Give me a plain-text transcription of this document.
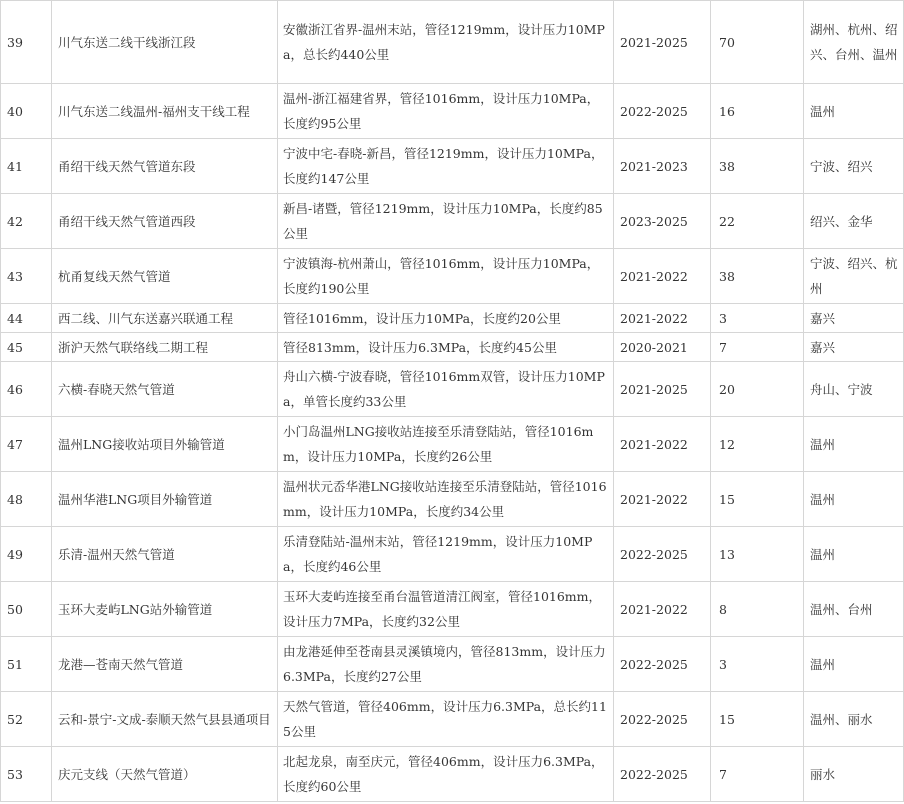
39	川气东送二线干线浙江段	安徽浙江省界-温州末站，管径1219mm，设计压力10MPa，总长约440公里	2021-2025	70	湖州、杭州、绍兴、台州、温州
40	川气东送二线温州-福州支干线工程	温州-浙江福建省界，管径1016mm，设计压力10MPa，长度约95公里	2022-2025	16	温州
41	甬绍干线天然气管道东段	宁波中宅-春晓-新昌，管径1219mm，设计压力10MPa，长度约147公里	2021-2023	38	宁波、绍兴
42	甬绍干线天然气管道西段	新昌-诸暨，管径1219mm，设计压力10MPa，长度约85公里	2023-2025	22	绍兴、金华
43	杭甬复线天然气管道	宁波镇海-杭州萧山，管径1016mm，设计压力10MPa，长度约190公里	2021-2022	38	宁波、绍兴、杭州
44	西二线、川气东送嘉兴联通工程	管径1016mm，设计压力10MPa，长度约20公里	2021-2022	3	嘉兴
45	浙沪天然气联络线二期工程	管径813mm，设计压力6.3MPa，长度约45公里	2020-2021	7	嘉兴
46	六横-春晓天然气管道	舟山六横-宁波春晓，管径1016mm双管，设计压力10MPa，单管长度约33公里	2021-2025	20	舟山、宁波
47	温州LNG接收站项目外输管道	小门岛温州LNG接收站连接至乐清登陆站，管径1016mm，设计压力10MPa，长度约26公里	2021-2022	12	温州
48	温州华港LNG项目外输管道	温州状元岙华港LNG接收站连接至乐清登陆站，管径1016mm，设计压力10MPa，长度约34公里	2021-2022	15	温州
49	乐清-温州天然气管道	乐清登陆站-温州末站，管径1219mm，设计压力10MPa，长度约46公里	2022-2025	13	温州
50	玉环大麦屿LNG站外输管道	玉环大麦屿连接至甬台温管道清江阀室，管径1016mm，设计压力7MPa，长度约32公里	2021-2022	8	温州、台州
51	龙港—苍南天然气管道	由龙港延伸至苍南县灵溪镇境内，管径813mm，设计压力6.3MPa，长度约27公里	2022-2025	3	温州
52	云和-景宁-文成-泰顺天然气县县通项目	天然气管道，管径406mm，设计压力6.3MPa，总长约115公里	2022-2025	15	温州、丽水
53	庆元支线（天然气管道）	北起龙泉，南至庆元，管径406mm，设计压力6.3MPa，长度约60公里	2022-2025	7	丽水
